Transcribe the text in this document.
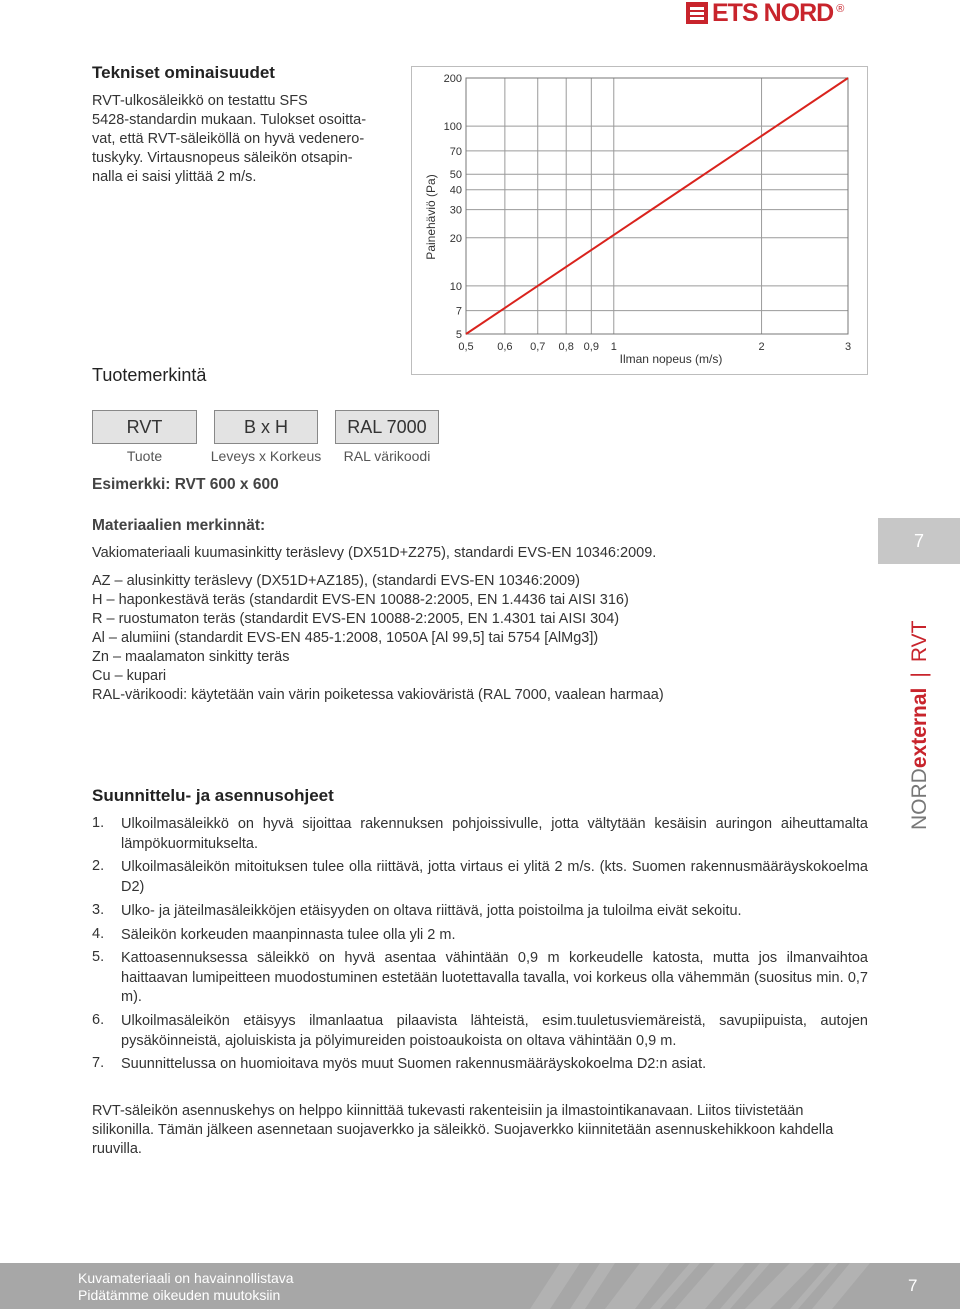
ETS NORD ®
Tekniset ominaisuudet
RVT-ulkosäleikkö on testattu SFS
5428-standardin mukaan. Tulokset osoitta-
vat, että RVT-säleiköllä on hyvä vedenero-
tuskyky. Virtausnopeus säleikön otsapin-
nalla ei saisi ylittää 2 m/s.
0,5 0,6 0,7 0,8 0,9 1	2	3
200
100
70
50
40
30
20
10
7
5
Ilman nopeus (m/s)
Painehäviö (Pa)
Tuotemerkintä
RVT	B x H	RAL 7000
Tuote	Leveys x Korkeus	RAL värikoodi
Esimerkki: RVT 600 x 600
Materiaalien merkinnät:
Vakiomateriaali kuumasinkitty teräslevy (DX51D+Z275), standardi EVS-EN 10346:2009.
AZ – alusinkitty teräslevy (DX51D+AZ185), (standardi EVS-EN 10346:2009)
H – haponkestävä teräs (standardit EVS-EN 10088-2:2005, EN 1.4436 tai AISI 316)
R – ruostumaton teräs (standardit EVS-EN 10088-2:2005, EN 1.4301 tai AISI 304)
Al – alumiini (standardit EVS-EN 485-1:2008, 1050A [Al 99,5] tai 5754 [AlMg3])
Zn – maalamaton sinkitty teräs
Cu – kupari
RAL-värikoodi: käytetään vain värin poiketessa vakioväristä (RAL 7000, vaalean harmaa)
Suunnittelu- ja asennusohjeet
1.	Ulkoilmasäleikkö on hyvä sijoittaa rakennuksen pohjoissivulle, jotta vältytään kesäisin auringon aiheuttamalta lämpökuormitukselta.
2.	Ulkoilmasäleikön mitoituksen tulee olla riittävä, jotta virtaus ei ylitä 2 m/s. (kts. Suomen rakennusmääräyskokoelma D2)
3.	Ulko- ja jäteilmasäleikköjen etäisyyden on oltava riittävä, jotta poistoilma ja tuloilma eivät sekoitu.
4.	Säleikön korkeuden maanpinnasta tulee olla yli 2 m.
5.	Kattoasennuksessa säleikkö on hyvä asentaa vähintään 0,9 m korkeudelle katosta, mutta jos ilmanvaihtoa haittaavan lumipeitteen muodostuminen estetään luotettavalla tavalla, voi korkeus olla vähemmän (suositus min. 0,7 m).
6.	Ulkoilmasäleikön etäisyys ilmanlaatua pilaavista lähteistä, esim.tuuletusviemäreistä, savupiipuista, autojen pysäköinneistä, ajoluiskista ja pölyimureiden poistoaukoista on oltava vähintään 0,9 m.
7.	Suunnittelussa on huomioitava myös muut Suomen rakennusmääräyskokoelma D2:n asiat.
RVT-säleikön asennuskehys on helppo kiinnittää tukevasti rakenteisiin ja ilmastointikanavaan. Liitos tiivistetään silikonilla. Tämän jälkeen asennetaan suojaverkko ja säleikkö. Suojaverkko kiinnitetään asennuskehikkoon kahdella ruuvilla.
7
NORDexternal|RVT
Kuvamateriaali on havainnollistava
Pidätämme oikeuden muutoksiin	7
